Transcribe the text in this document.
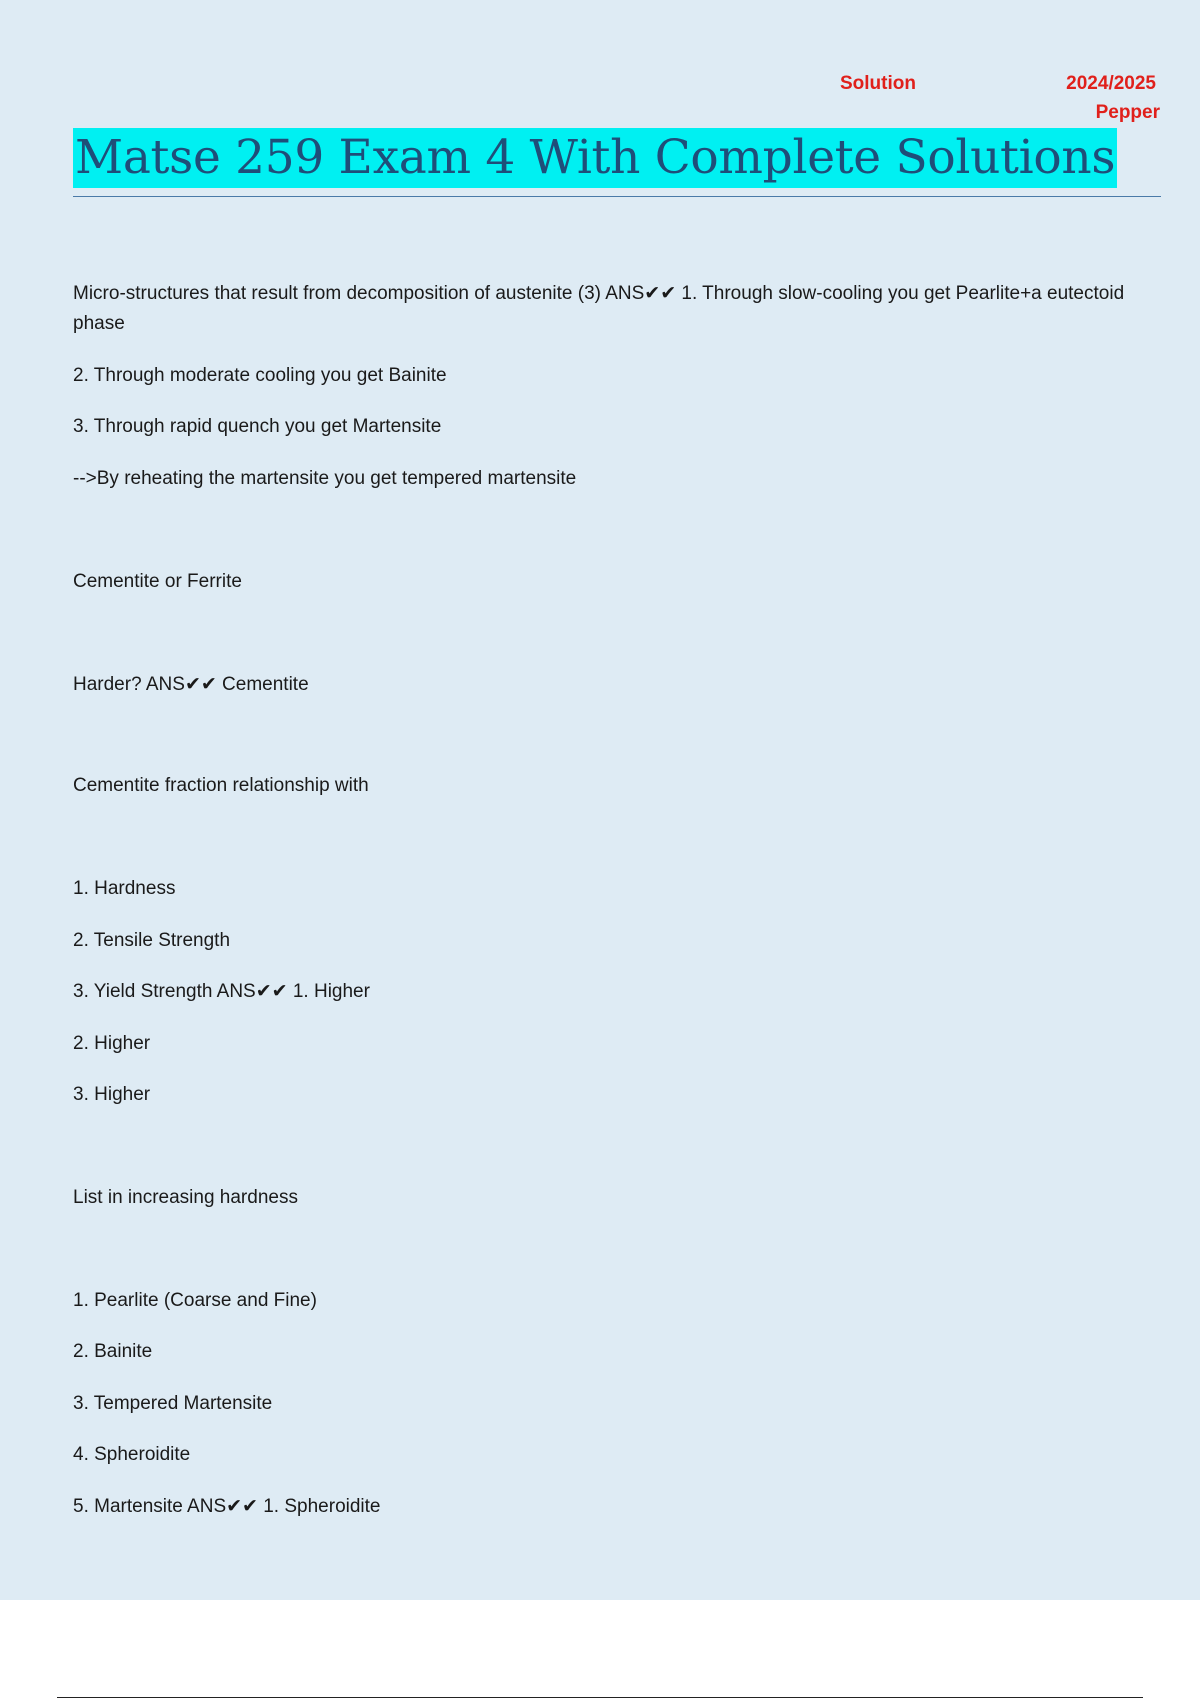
Solution	2024/2025
Pepper
Matse 259 Exam 4 With Complete Solutions
Micro-structures that result from decomposition of austenite (3) ANS✔✔ 1. Through slow-cooling you get Pearlite+a eutectoid phase
2. Through moderate cooling you get Bainite
3. Through rapid quench you get Martensite
-->By reheating the martensite you get tempered martensite
Cementite or Ferrite
Harder? ANS✔✔ Cementite
Cementite fraction relationship with
1. Hardness
2. Tensile Strength
3. Yield Strength ANS✔✔ 1. Higher
2. Higher
3. Higher
List in increasing hardness
1. Pearlite (Coarse and Fine)
2. Bainite
3. Tempered Martensite
4. Spheroidite
5. Martensite ANS✔✔ 1. Spheroidite
